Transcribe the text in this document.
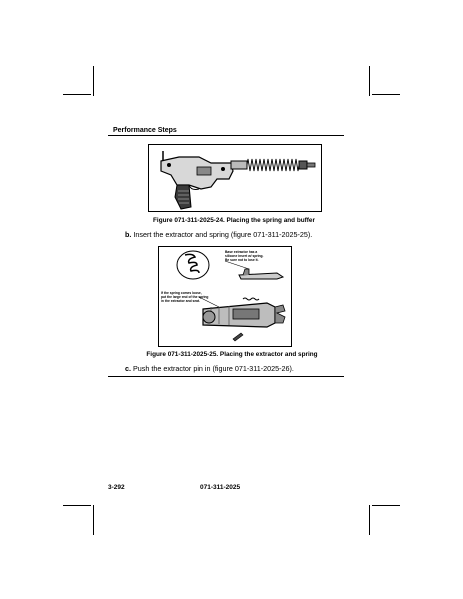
Performance Steps
Figure 071-311-2025-24. Placing the spring and buffer
b. Insert the extractor and spring (figure 071-311-2025-25).
Base extractor has a
silicone insert w/ spring.
Be sure not to lose it.
If the spring comes loose,
put the large end of the spring
in the extractor and seat.
Figure 071-311-2025-25. Placing the extractor and spring
c. Push the extractor pin in (figure 071-311-2025-26).
3-292	071-311-2025
